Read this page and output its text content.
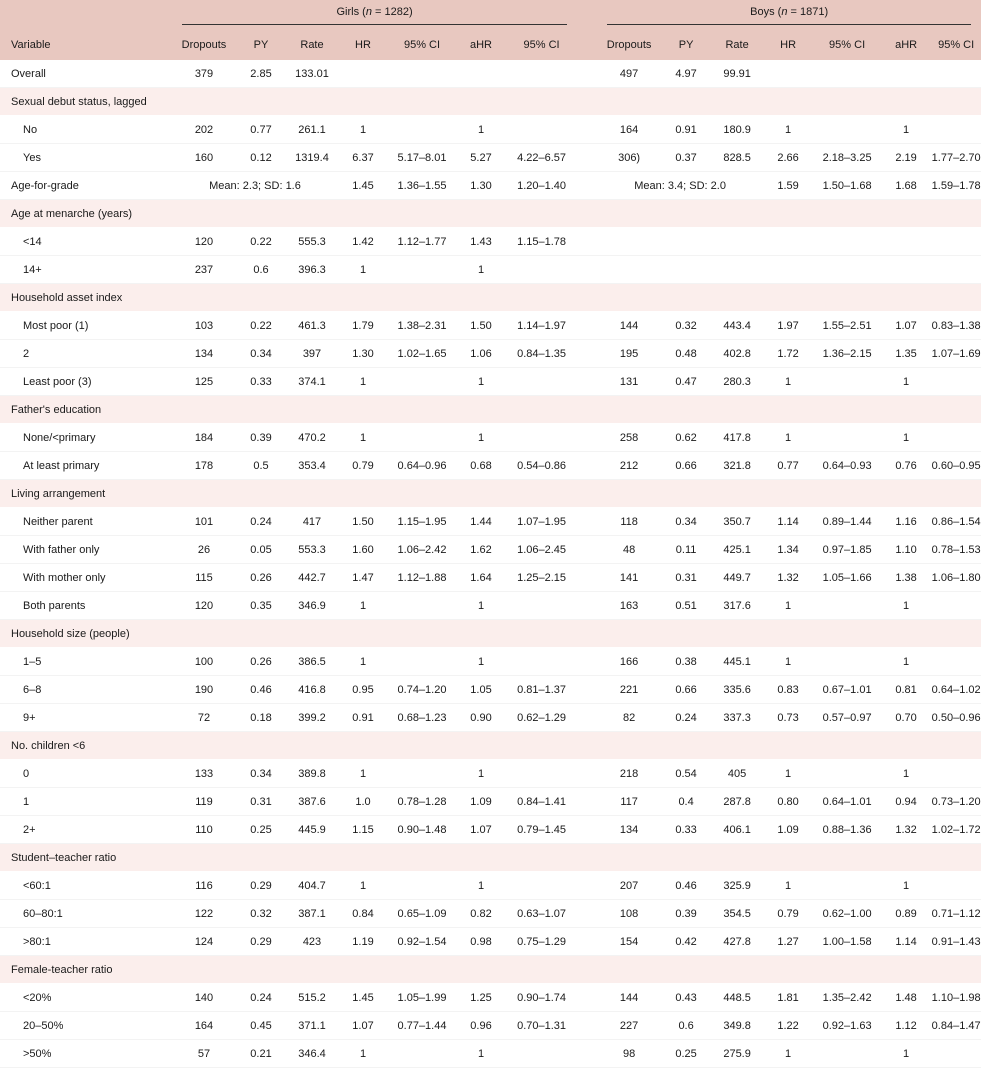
	Girls (n = 1282)								Boys (n = 1871)						

Variable	Dropouts	PY	Rate	HR	95% CI	aHR	95% CI		Dropouts	PY	Rate	HR	95% CI	aHR	95% CI
Overall	379	2.85	133.01						497	4.97	99.91				
Sexual debut status, lagged															
No	202	0.77	261.1	1		1			164	0.91	180.9	1		1	
Yes	160	0.12	1319.4	6.37	5.17–8.01	5.27	4.22–6.57		306)	0.37	828.5	2.66	2.18–3.25	2.19	1.77–2.70
Age-for-grade	Mean: 2.3; SD: 1.6			1.45	1.36–1.55	1.30	1.20–1.40		Mean: 3.4; SD: 2.0			1.59	1.50–1.68	1.68	1.59–1.78
Age at menarche (years)															
<14	120	0.22	555.3	1.42	1.12–1.77	1.43	1.15–1.78								
14+	237	0.6	396.3	1		1									
Household asset index															
Most poor (1)	103	0.22	461.3	1.79	1.38–2.31	1.50	1.14–1.97		144	0.32	443.4	1.97	1.55–2.51	1.07	0.83–1.38
2	134	0.34	397	1.30	1.02–1.65	1.06	0.84–1.35		195	0.48	402.8	1.72	1.36–2.15	1.35	1.07–1.69
Least poor (3)	125	0.33	374.1	1		1			131	0.47	280.3	1		1	
Father's education															
None/<primary	184	0.39	470.2	1		1			258	0.62	417.8	1		1	
At least primary	178	0.5	353.4	0.79	0.64–0.96	0.68	0.54–0.86		212	0.66	321.8	0.77	0.64–0.93	0.76	0.60–0.95
Living arrangement															
Neither parent	101	0.24	417	1.50	1.15–1.95	1.44	1.07–1.95		118	0.34	350.7	1.14	0.89–1.44	1.16	0.86–1.54
With father only	26	0.05	553.3	1.60	1.06–2.42	1.62	1.06–2.45		48	0.11	425.1	1.34	0.97–1.85	1.10	0.78–1.53
With mother only	115	0.26	442.7	1.47	1.12–1.88	1.64	1.25–2.15		141	0.31	449.7	1.32	1.05–1.66	1.38	1.06–1.80
Both parents	120	0.35	346.9	1		1			163	0.51	317.6	1		1	
Household size (people)															
1–5	100	0.26	386.5	1		1			166	0.38	445.1	1		1	
6–8	190	0.46	416.8	0.95	0.74–1.20	1.05	0.81–1.37		221	0.66	335.6	0.83	0.67–1.01	0.81	0.64–1.02
9+	72	0.18	399.2	0.91	0.68–1.23	0.90	0.62–1.29		82	0.24	337.3	0.73	0.57–0.97	0.70	0.50–0.96
No. children <6															
0	133	0.34	389.8	1		1			218	0.54	405	1		1	
1	119	0.31	387.6	1.0	0.78–1.28	1.09	0.84–1.41		117	0.4	287.8	0.80	0.64–1.01	0.94	0.73–1.20
2+	110	0.25	445.9	1.15	0.90–1.48	1.07	0.79–1.45		134	0.33	406.1	1.09	0.88–1.36	1.32	1.02–1.72
Student–teacher ratio															
<60:1	116	0.29	404.7	1		1			207	0.46	325.9	1		1	
60–80:1	122	0.32	387.1	0.84	0.65–1.09	0.82	0.63–1.07		108	0.39	354.5	0.79	0.62–1.00	0.89	0.71–1.12
>80:1	124	0.29	423	1.19	0.92–1.54	0.98	0.75–1.29		154	0.42	427.8	1.27	1.00–1.58	1.14	0.91–1.43
Female-teacher ratio															
<20%	140	0.24	515.2	1.45	1.05–1.99	1.25	0.90–1.74		144	0.43	448.5	1.81	1.35–2.42	1.48	1.10–1.98
20–50%	164	0.45	371.1	1.07	0.77–1.44	0.96	0.70–1.31		227	0.6	349.8	1.22	0.92–1.63	1.12	0.84–1.47
>50%	57	0.21	346.4	1		1			98	0.25	275.9	1		1	
